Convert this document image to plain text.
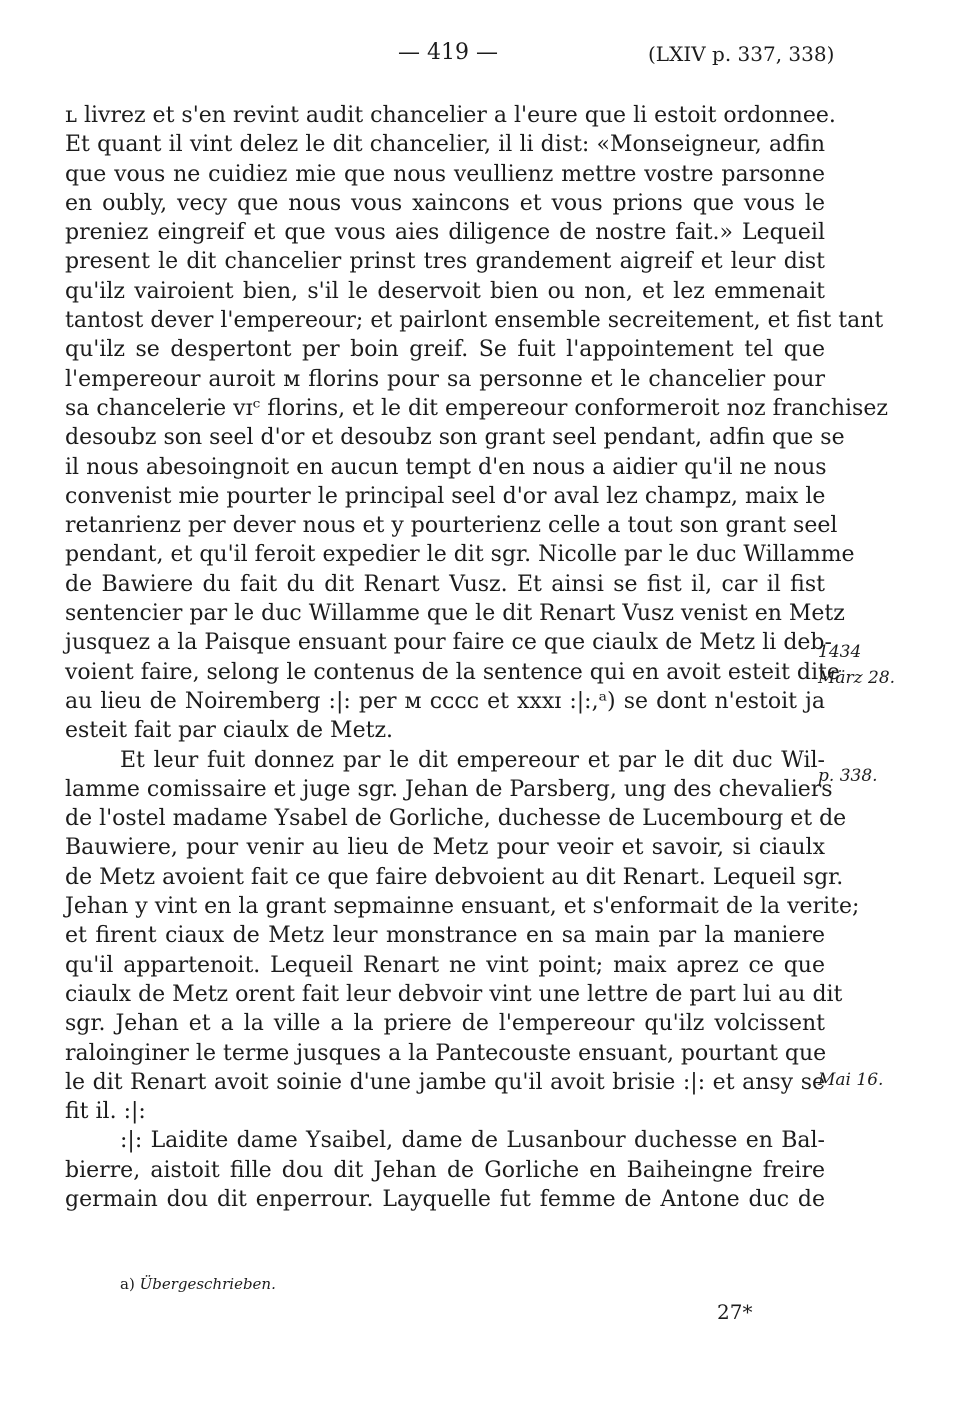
— 419 —	(LXIV p. 337, 338)
ʟ livrez et s'en revint audit chancelier a l'eure que li estoit ordonnee.
Et quant il vint delez le dit chancelier, il li dist: «Monseigneur, adfin
que vous ne cuidiez mie que nous veullienz mettre vostre parsonne
en oubly, vecy que nous vous xaincons et vous prions que vous le
preniez eingreif et que vous aies diligence de nostre fait.» Lequeil
present le dit chancelier prinst tres grandement aigreif et leur dist
qu'ilz vairoient bien, s'il le deservoit bien ou non, et lez emmenait
tantost dever l'empereour; et pairlont ensemble secreitement, et fist tant
qu'ilz se despertont per boin greif. Se fuit l'appointement tel que
l'empereour auroit ᴍ florins pour sa personne et le chancelier pour
sa chancelerie ᴠɪᶜ florins, et le dit empereour conformeroit noz franchisez
desoubz son seel d'or et desoubz son grant seel pendant, adfin que se
il nous abesoingnoit en aucun tempt d'en nous a aidier qu'il ne nous
convenist mie pourter le principal seel d'or aval lez champz, maix le
retanrienz per dever nous et y pourterienz celle a tout son grant seel
pendant, et qu'il feroit expedier le dit sgr. Nicolle par le duc Willamme
de Bawiere du fait du dit Renart Vusz. Et ainsi se fist il, car il fist
sentencier par le duc Willamme que le dit Renart Vusz venist en Metz
jusquez a la Paisque ensuant pour faire ce que ciaulx de Metz li deb-
voient faire, selong le contenus de la sentence qui en avoit esteit dite
au lieu de Noiremberg :|: per ᴍ ᴄᴄᴄᴄ et xxxɪ :|:,ᵃ) se dont n'estoit ja
esteit fait par ciaulx de Metz.
Et leur fuit donnez par le dit empereour et par le dit duc Wil-
lamme comissaire et juge sgr. Jehan de Parsberg, ung des chevaliers
de l'ostel madame Ysabel de Gorliche, duchesse de Lucembourg et de
Bauwiere, pour venir au lieu de Metz pour veoir et savoir, si ciaulx
de Metz avoient fait ce que faire debvoient au dit Renart. Lequeil sgr.
Jehan y vint en la grant sepmainne ensuant, et s'enformait de la verite;
et firent ciaux de Metz leur monstrance en sa main par la maniere
qu'il appartenoit. Lequeil Renart ne vint point; maix aprez ce que
ciaulx de Metz orent fait leur debvoir vint une lettre de part lui au dit
sgr. Jehan et a la ville a la priere de l'empereour qu'ilz volcissent
raloinginer le terme jusques a la Pantecouste ensuant, pourtant que
le dit Renart avoit soinie d'une jambe qu'il avoit brisie :|: et ansy se
fit il. :|:
:|: Laidite dame Ysaibel, dame de Lusanbour duchesse en Bal-
bierre, aistoit fille dou dit Jehan de Gorliche en Baiheingne freire
germain dou dit enperrour. Layquelle fut femme de Antone duc de
1434
März 28.
p. 338.
Mai 16.
a) Übergeschrieben.
27*
